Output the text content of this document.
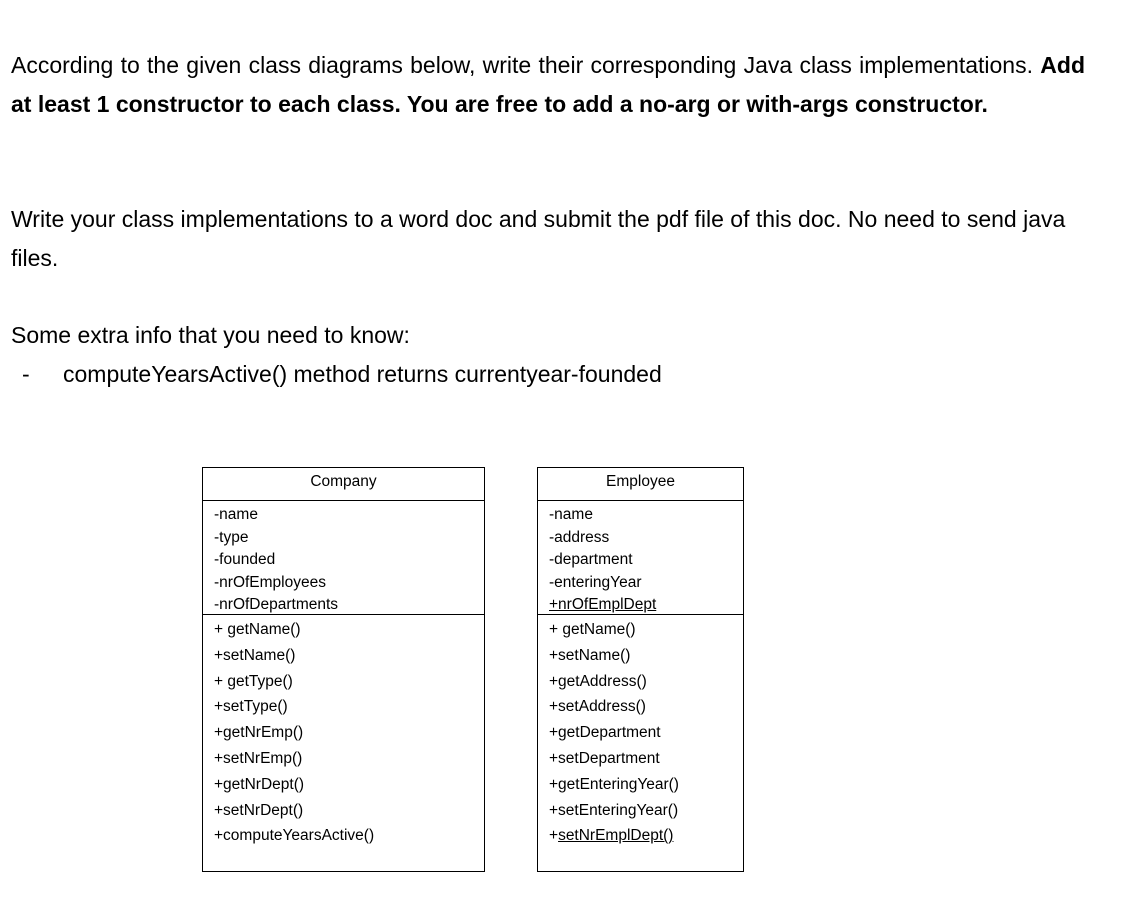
According to the given class diagrams below, write their corresponding Java class implementations. Add at least 1 constructor to each class. You are free to add a no-arg or with-args constructor.

Write your class implementations to a word doc and submit the pdf file of this doc. No need to send java files.

Some extra info that you need to know:

-	computeYearsActive() method returns currentyear-founded
Company
-name
-type
-founded
-nrOfEmployees
-nrOfDepartments
+ getName()
+setName()
+ getType()
+setType()
+getNrEmp()
+setNrEmp()
+getNrDept()
+setNrDept()
+computeYearsActive()
Employee
-name
-address
-department
-enteringYear
+nrOfEmplDept
+ getName()
+setName()
+getAddress()
+setAddress()
+getDepartment
+setDepartment
+getEnteringYear()
+setEnteringYear()
+setNrEmplDept()
